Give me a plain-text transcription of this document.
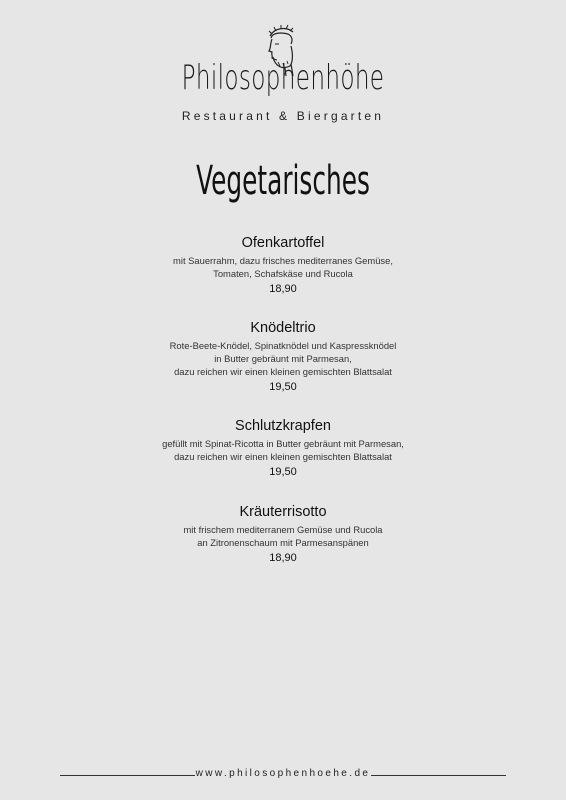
Philosophenhöhe
Restaurant & Biergarten
Vegetarisches
Ofenkartoffel
mit Sauerrahm, dazu frisches mediterranes Gemüse,
Tomaten, Schafskäse und Rucola
18,90
Knödeltrio
Rote-Beete-Knödel, Spinatknödel und Kaspressknödel
in Butter gebräunt mit Parmesan,
dazu reichen wir einen kleinen gemischten Blattsalat
19,50
Schlutzkrapfen
gefüllt mit Spinat-Ricotta in Butter gebräunt mit Parmesan,
dazu reichen wir einen kleinen gemischten Blattsalat
19,50
Kräuterrisotto
mit frischem mediterranem Gemüse und Rucola
an Zitronenschaum mit Parmesanspänen
18,90
www.philosophenhoehe.de
